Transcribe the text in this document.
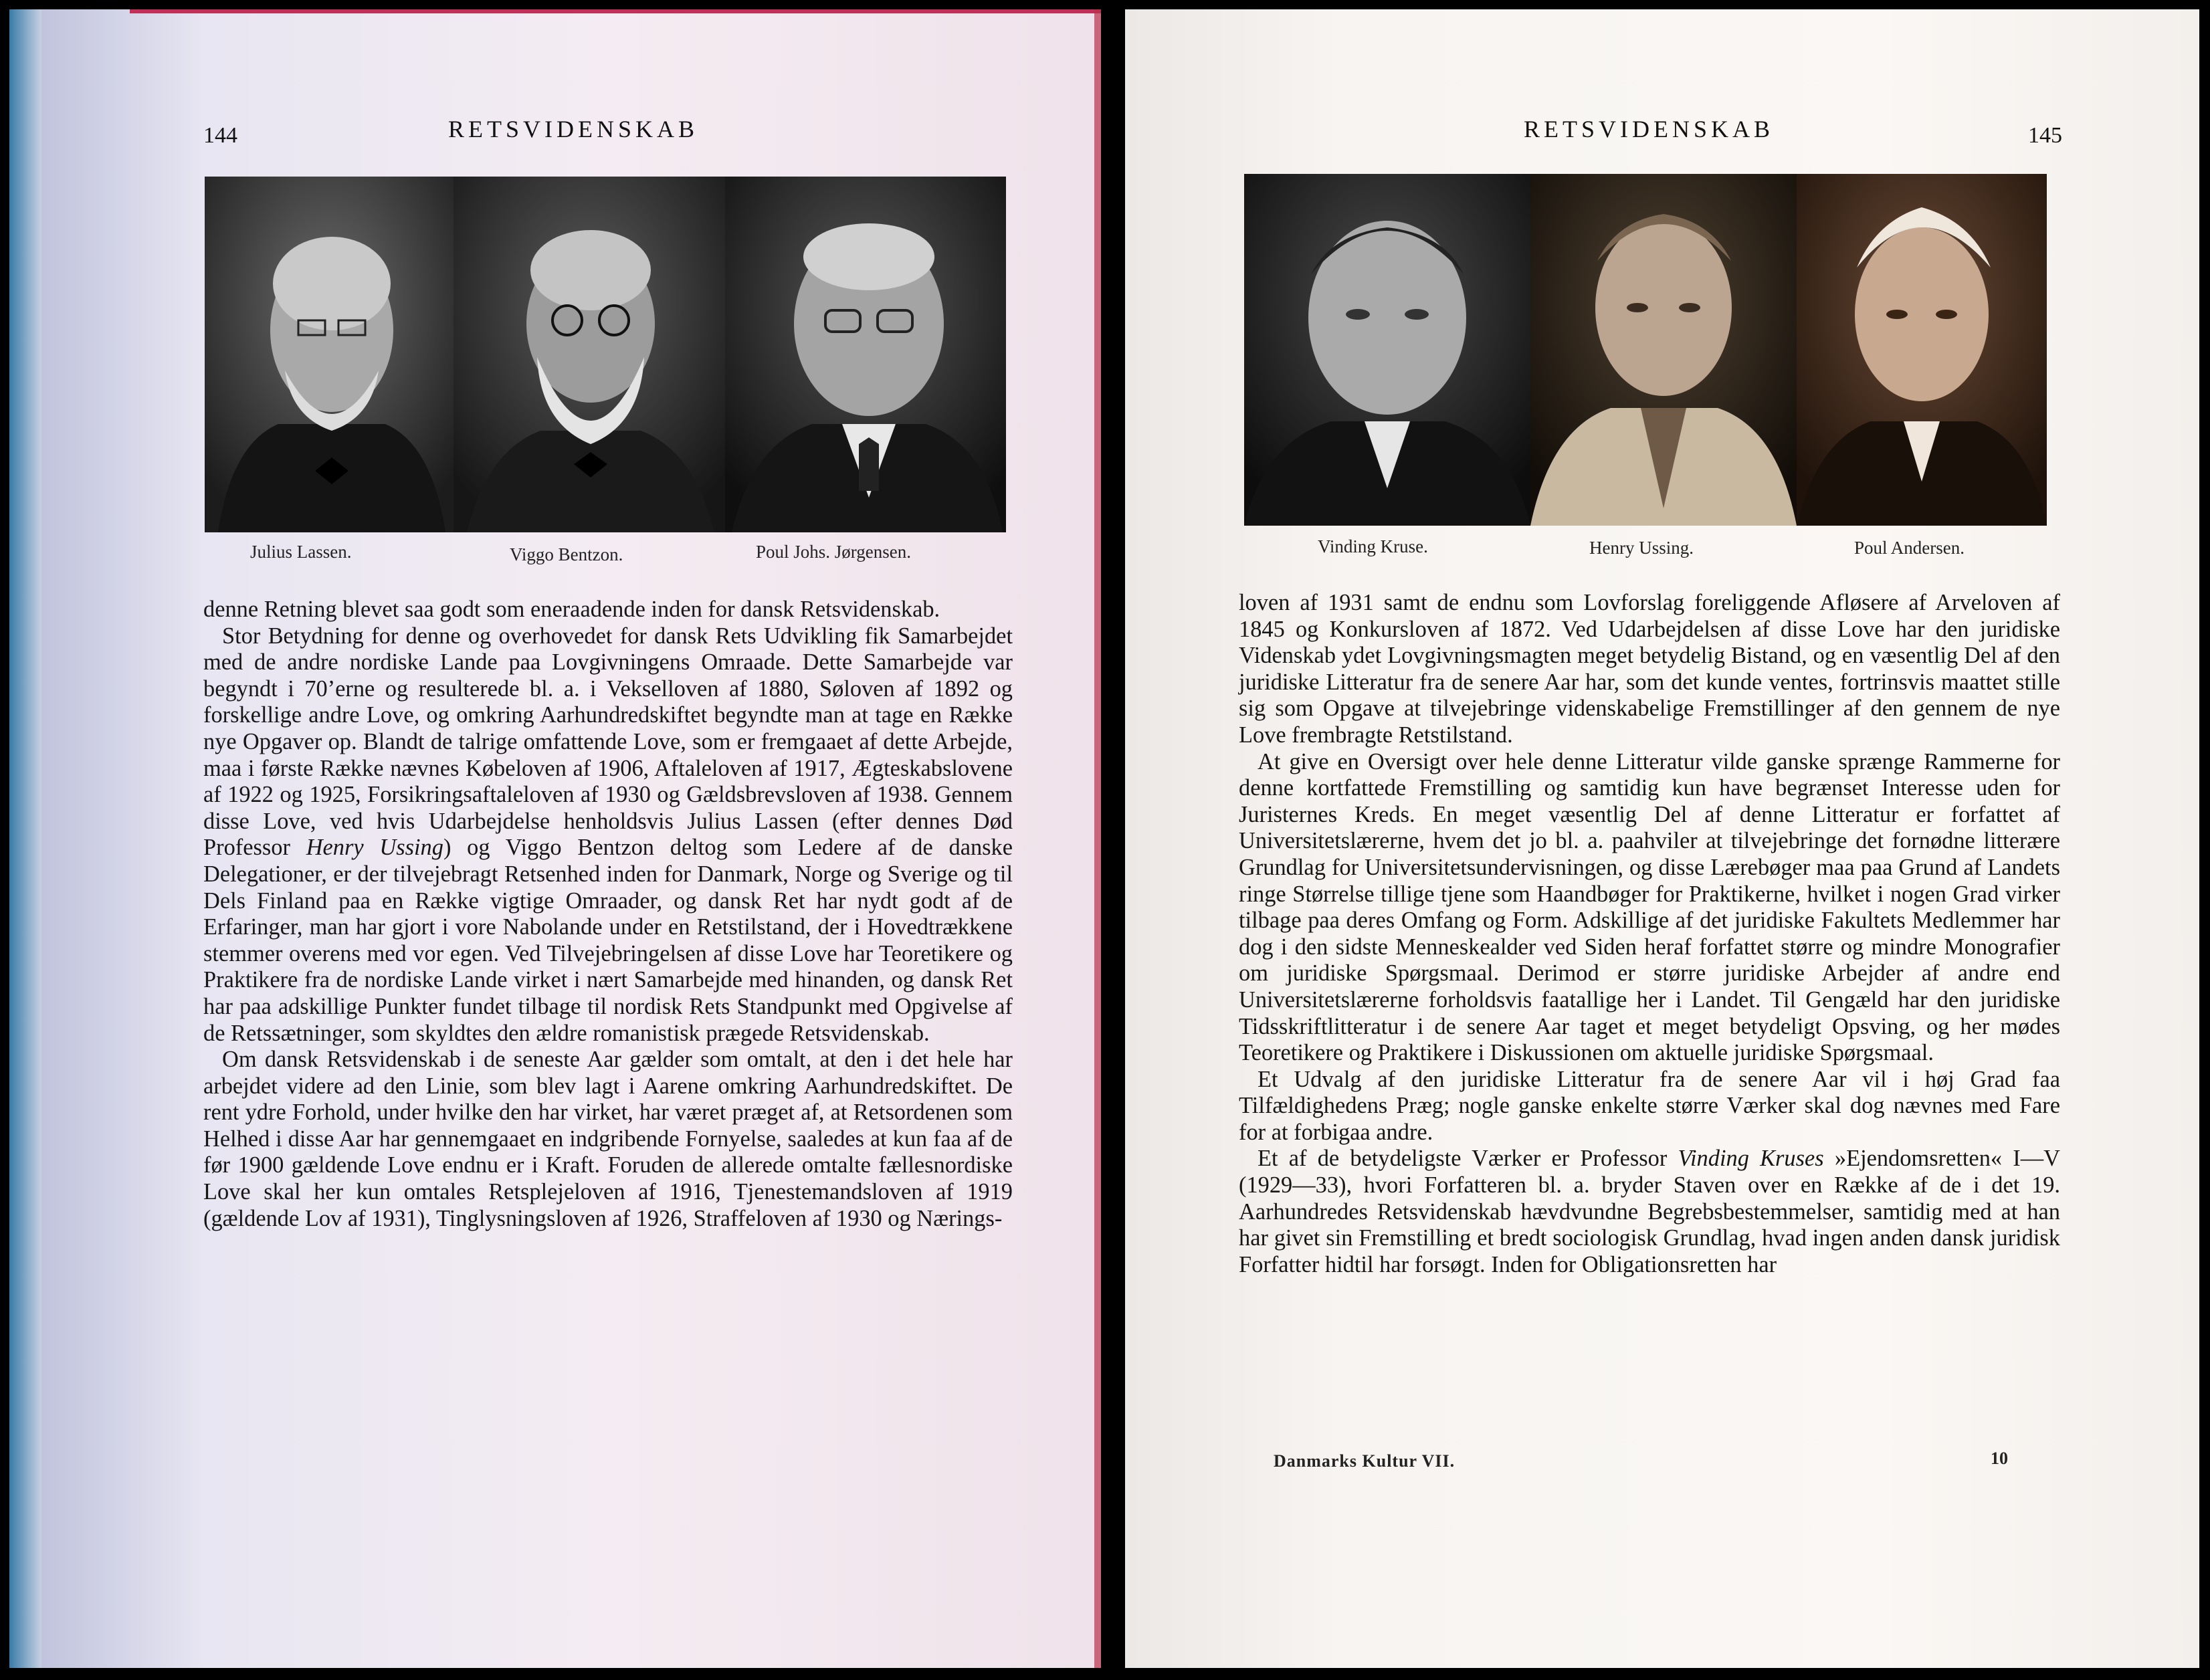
144	RETSVIDENSKAB
Julius Lassen.	Viggo Bentzon.	Poul Johs. Jørgensen.

denne Retning blevet saa godt som eneraadende inden for dansk Retsvidenskab.

Stor Betydning for denne og overhovedet for dansk Rets Udvikling fik Samarbejdet med de andre nordiske Lande paa Lovgivningens Omraade. Dette Samarbejde var begyndt i 70’erne og resulterede bl. a. i Vekselloven af 1880, Søloven af 1892 og forskellige andre Love, og omkring Aarhundredskiftet begyndte man at tage en Række nye Opgaver op. Blandt de talrige omfattende Love, som er fremgaaet af dette Arbejde, maa i første Række nævnes Købeloven af 1906, Aftaleloven af 1917, Ægteskabslovene af 1922 og 1925, Forsikringsaftaleloven af 1930 og Gældsbrevsloven af 1938. Gennem disse Love, ved hvis Udarbejdelse henholdsvis Julius Lassen (efter dennes Død Professor Henry Ussing) og Viggo Bentzon deltog som Ledere af de danske Delegationer, er der tilvejebragt Retsenhed inden for Danmark, Norge og Sverige og til Dels Finland paa en Række vigtige Omraader, og dansk Ret har nydt godt af de Erfaringer, man har gjort i vore Nabolande under en Retstilstand, der i Hovedtrækkene stemmer overens med vor egen. Ved Tilvejebringelsen af disse Love har Teoretikere og Praktikere fra de nordiske Lande virket i nært Samarbejde med hinanden, og dansk Ret har paa adskillige Punkter fundet tilbage til nordisk Rets Standpunkt med Opgivelse af de Retssætninger, som skyldtes den ældre romanistisk prægede Retsvidenskab.

Om dansk Retsvidenskab i de seneste Aar gælder som omtalt, at den i det hele har arbejdet videre ad den Linie, som blev lagt i Aarene omkring Aarhundredskiftet. De rent ydre Forhold, under hvilke den har virket, har været præget af, at Retsordenen som Helhed i disse Aar har gennemgaaet en indgribende Fornyelse, saaledes at kun faa af de før 1900 gældende Love endnu er i Kraft. Foruden de allerede omtalte fællesnordiske Love skal her kun omtales Retsplejeloven af 1916, Tjenestemandsloven af 1919 (gældende Lov af 1931), Tinglysningsloven af 1926, Straffeloven af 1930 og Nærings-

RETSVIDENSKAB	145
Vinding Kruse.	Henry Ussing.	Poul Andersen.

loven af 1931 samt de endnu som Lovforslag foreliggende Afløsere af Arveloven af 1845 og Konkursloven af 1872. Ved Udarbejdelsen af disse Love har den juridiske Videnskab ydet Lovgivningsmagten meget betydelig Bistand, og en væsentlig Del af den juridiske Litteratur fra de senere Aar har, som det kunde ventes, fortrinsvis maattet stille sig som Opgave at tilvejebringe videnskabelige Fremstillinger af den gennem de nye Love frembragte Retstilstand.

At give en Oversigt over hele denne Litteratur vilde ganske sprænge Rammerne for denne kortfattede Fremstilling og samtidig kun have begrænset Interesse uden for Juristernes Kreds. En meget væsentlig Del af denne Litteratur er forfattet af Universitetslærerne, hvem det jo bl. a. paahviler at tilvejebringe det fornødne litterære Grundlag for Universitetsundervisningen, og disse Lærebøger maa paa Grund af Landets ringe Størrelse tillige tjene som Haandbøger for Praktikerne, hvilket i nogen Grad virker tilbage paa deres Omfang og Form. Adskillige af det juridiske Fakultets Medlemmer har dog i den sidste Menneskealder ved Siden heraf forfattet større og mindre Monografier om juridiske Spørgsmaal. Derimod er større juridiske Arbejder af andre end Universitetslærerne forholdsvis faatallige her i Landet. Til Gengæld har den juridiske Tidsskriftlitteratur i de senere Aar taget et meget betydeligt Opsving, og her mødes Teoretikere og Praktikere i Diskussionen om aktuelle juridiske Spørgsmaal.

Et Udvalg af den juridiske Litteratur fra de senere Aar vil i høj Grad faa Tilfældighedens Præg; nogle ganske enkelte større Værker skal dog nævnes med Fare for at forbigaa andre.

Et af de betydeligste Værker er Professor Vinding Kruses »Ejendomsretten« I—V (1929—33), hvori Forfatteren bl. a. bryder Staven over en Række af de i det 19. Aarhundredes Retsvidenskab hævdvundne Begrebsbestemmelser, samtidig med at han har givet sin Fremstilling et bredt sociologisk Grundlag, hvad ingen anden dansk juridisk Forfatter hidtil har forsøgt. Inden for Obligationsretten har

Danmarks Kultur VII.	10
